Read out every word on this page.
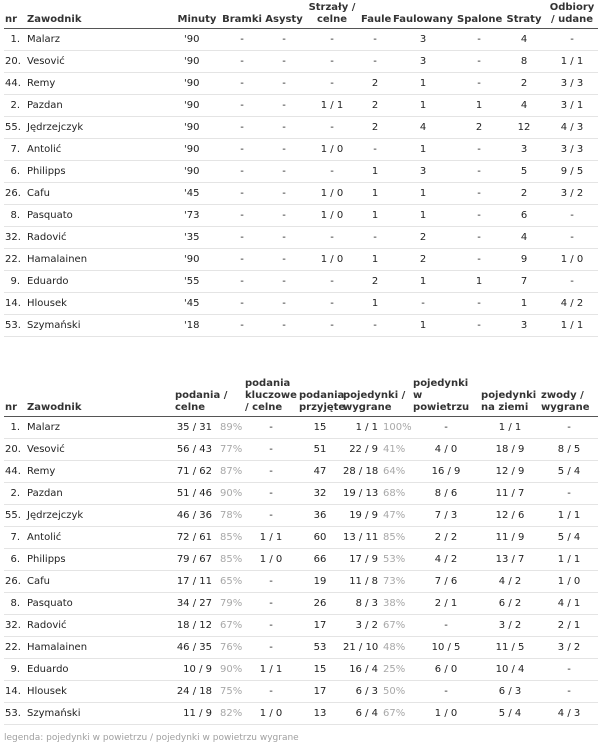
nr	Zawodnik	Minuty	Bramki	Asysty	Strzały / celne	Faule	Faulowany	Spalone	Straty	Odbiory / udane
1.	Malarz	'90	-	-	-	-	3	-	4	-
20.	Vesović	'90	-	-	-	-	3	-	8	1 / 1
44.	Remy	'90	-	-	-	2	1	-	2	3 / 3
2.	Pazdan	'90	-	-	1 / 1	2	1	1	4	3 / 1
55.	Jędrzejczyk	'90	-	-	-	2	4	2	12	4 / 3
7.	Antolić	'90	-	-	1 / 0	-	1	-	3	3 / 3
6.	Philipps	'90	-	-	-	1	3	-	5	9 / 5
26.	Cafu	'45	-	-	1 / 0	1	1	-	2	3 / 2
8.	Pasquato	'73	-	-	1 / 0	1	1	-	6	-
32.	Radović	'35	-	-	-	-	2	-	4	-
22.	Hamalainen	'90	-	-	1 / 0	1	2	-	9	1 / 0
9.	Eduardo	'55	-	-	-	2	1	1	7	-
14.	Hlousek	'45	-	-	-	1	-	-	1	4 / 2
53.	Szymański	'18	-	-	-	-	1	-	3	1 / 1
nr	Zawodnik	podania / celne		podania kluczowe / celne	podania przyjęte	pojedynki / wygrane		pojedynki w powietrzu	pojedynki na ziemi	zwody / wygrane
1.	Malarz	35 / 31	89%	-	15	1 / 1	100%	-	1 / 1	-
20.	Vesović	56 / 43	77%	-	51	22 / 9	41%	4 / 0	18 / 9	8 / 5
44.	Remy	71 / 62	87%	-	47	28 / 18	64%	16 / 9	12 / 9	5 / 4
2.	Pazdan	51 / 46	90%	-	32	19 / 13	68%	8 / 6	11 / 7	-
55.	Jędrzejczyk	46 / 36	78%	-	36	19 / 9	47%	7 / 3	12 / 6	1 / 1
7.	Antolić	72 / 61	85%	1 / 1	60	13 / 11	85%	2 / 2	11 / 9	5 / 4
6.	Philipps	79 / 67	85%	1 / 0	66	17 / 9	53%	4 / 2	13 / 7	1 / 1
26.	Cafu	17 / 11	65%	-	19	11 / 8	73%	7 / 6	4 / 2	1 / 0
8.	Pasquato	34 / 27	79%	-	26	8 / 3	38%	2 / 1	6 / 2	4 / 1
32.	Radović	18 / 12	67%	-	17	3 / 2	67%	-	3 / 2	2 / 1
22.	Hamalainen	46 / 35	76%	-	53	21 / 10	48%	10 / 5	11 / 5	3 / 2
9.	Eduardo	10 / 9	90%	1 / 1	15	16 / 4	25%	6 / 0	10 / 4	-
14.	Hlousek	24 / 18	75%	-	17	6 / 3	50%	-	6 / 3	-
53.	Szymański	11 / 9	82%	1 / 0	13	6 / 4	67%	1 / 0	5 / 4	4 / 3
legenda: pojedynki w powietrzu / pojedynki w powietrzu wygrane
